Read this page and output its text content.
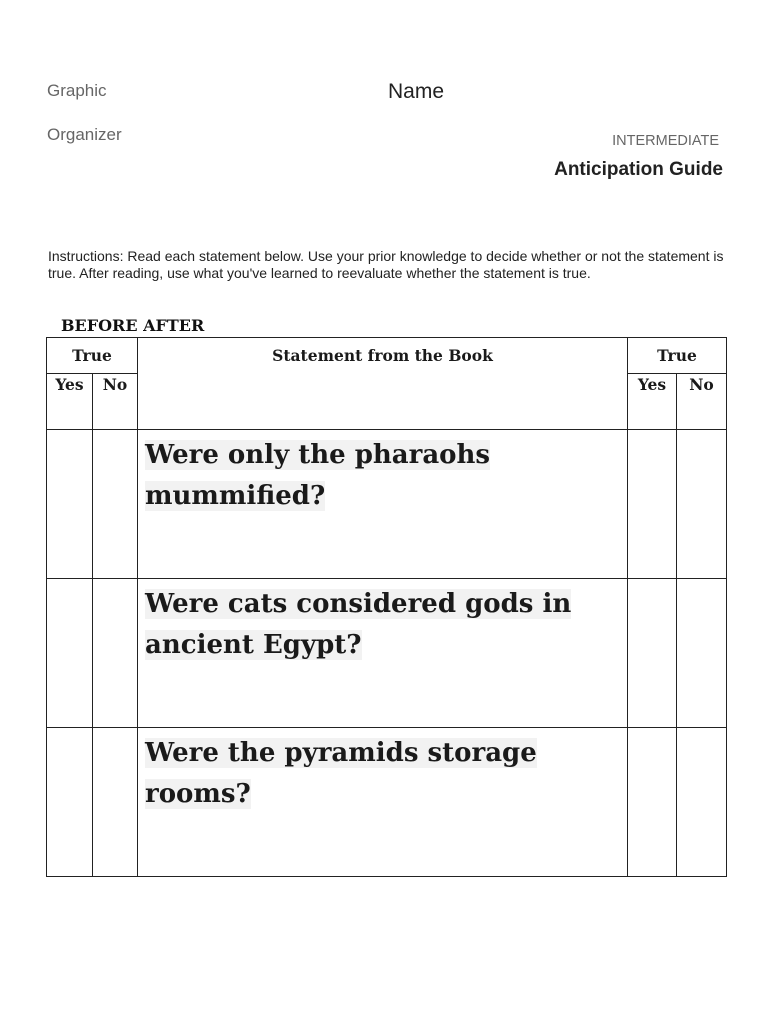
Graphic
Organizer
Name
INTERMEDIATE
Anticipation Guide
Instructions: Read each statement below. Use your prior knowledge to decide whether or not the statement is true. After reading, use what you've learned to reevaluate whether the statement is true.
BEFORE AFTER
True		Statement from the Book	True	
Yes	No		Yes	No
		Were only the pharaohs mummified?		
		Were cats considered gods in ancient Egypt?		
		Were the pyramids storage rooms?		
